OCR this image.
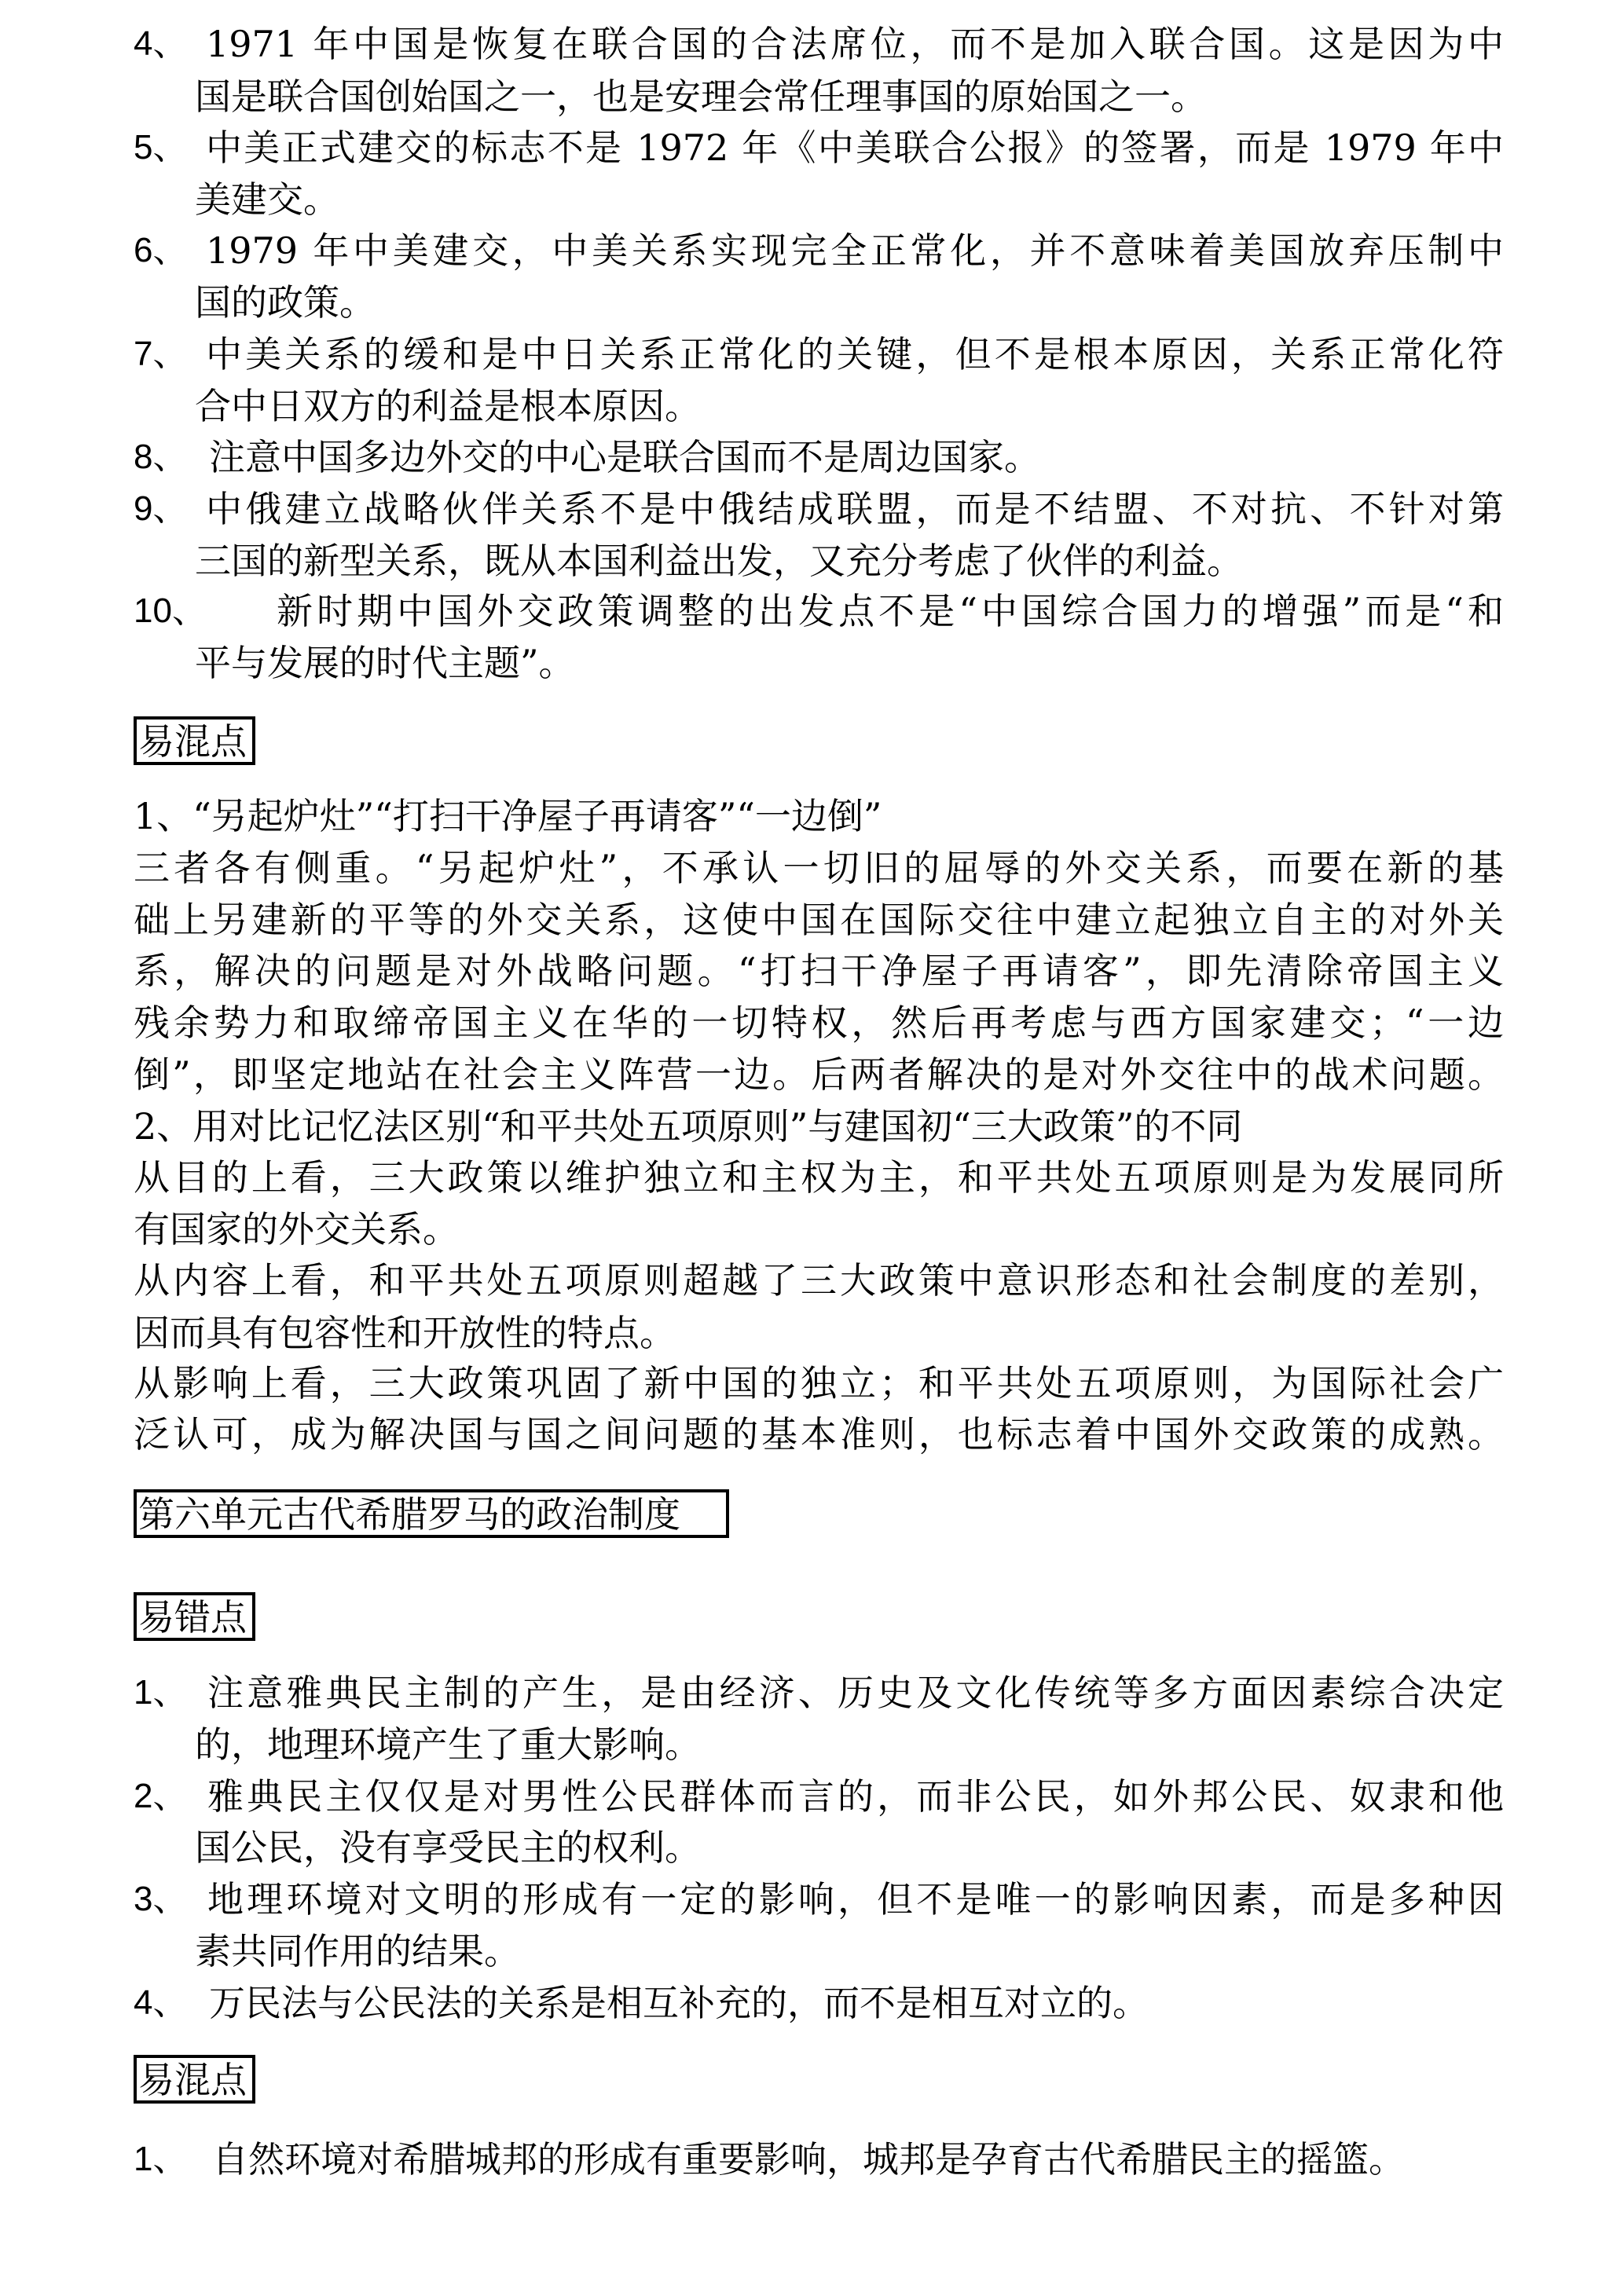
4、 1971 年中国是恢复在联合国的合法席位，而不是加入联合国。这是因为中
国是联合国创始国之一，也是安理会常任理事国的原始国之一。
5、 中美正式建交的标志不是 1972 年《中美联合公报》的签署，而是 1979 年中
美建交。
6、 1979 年中美建交，中美关系实现完全正常化，并不意味着美国放弃压制中
国的政策。
7、 中美关系的缓和是中日关系正常化的关键，但不是根本原因，关系正常化符
合中日双方的利益是根本原因。
8、 注意中国多边外交的中心是联合国而不是周边国家。
9、 中俄建立战略伙伴关系不是中俄结成联盟，而是不结盟、不对抗、不针对第
三国的新型关系，既从本国利益出发，又充分考虑了伙伴的利益。
10、 新时期中国外交政策调整的出发点不是“中国综合国力的增强”而是“和
平与发展的时代主题”。
易混点
1、“另起炉灶”“打扫干净屋子再请客”“一边倒”
三者各有侧重。“另起炉灶”，不承认一切旧的屈辱的外交关系，而要在新的基
础上另建新的平等的外交关系，这使中国在国际交往中建立起独立自主的对外关
系，解决的问题是对外战略问题。“打扫干净屋子再请客”，即先清除帝国主义
残余势力和取缔帝国主义在华的一切特权，然后再考虑与西方国家建交；“一边
倒”，即坚定地站在社会主义阵营一边。后两者解决的是对外交往中的战术问题。
2、用对比记忆法区别“和平共处五项原则”与建国初“三大政策”的不同
从目的上看，三大政策以维护独立和主权为主，和平共处五项原则是为发展同所
有国家的外交关系。
从内容上看，和平共处五项原则超越了三大政策中意识形态和社会制度的差别，
因而具有包容性和开放性的特点。
从影响上看，三大政策巩固了新中国的独立；和平共处五项原则，为国际社会广
泛认可，成为解决国与国之间问题的基本准则，也标志着中国外交政策的成熟。
第六单元古代希腊罗马的政治制度
易错点
1、 注意雅典民主制的产生，是由经济、历史及文化传统等多方面因素综合决定
的，地理环境产生了重大影响。
2、 雅典民主仅仅是对男性公民群体而言的，而非公民，如外邦公民、奴隶和他
国公民，没有享受民主的权利。
3、 地理环境对文明的形成有一定的影响，但不是唯一的影响因素，而是多种因
素共同作用的结果。
4、 万民法与公民法的关系是相互补充的，而不是相互对立的。
易混点
1、 自然环境对希腊城邦的形成有重要影响，城邦是孕育古代希腊民主的摇篮。
